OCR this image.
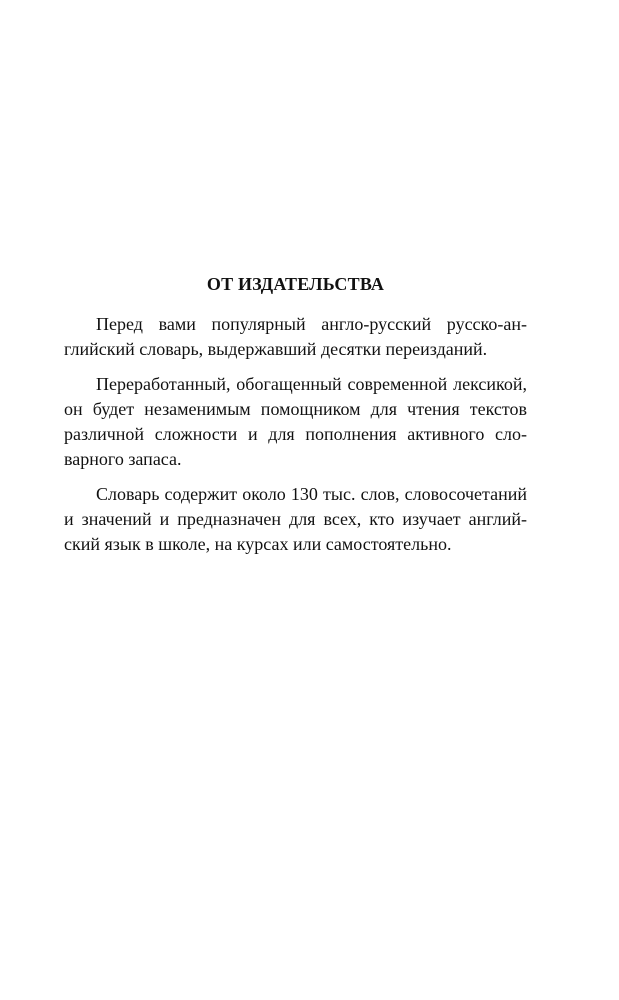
ОТ ИЗДАТЕЛЬСТВА

Перед вами популярный англо-русский русско-ан-
глийский словарь, выдержавший десятки переизданий.

Переработанный, обогащенный современной лексикой,
он будет незаменимым помощником для чтения текстов
различной сложности и для пополнения активного сло-
варного запаса.

Словарь содержит около 130 тыс. слов, словосочетаний
и значений и предназначен для всех, кто изучает англий-
ский язык в школе, на курсах или самостоятельно.
